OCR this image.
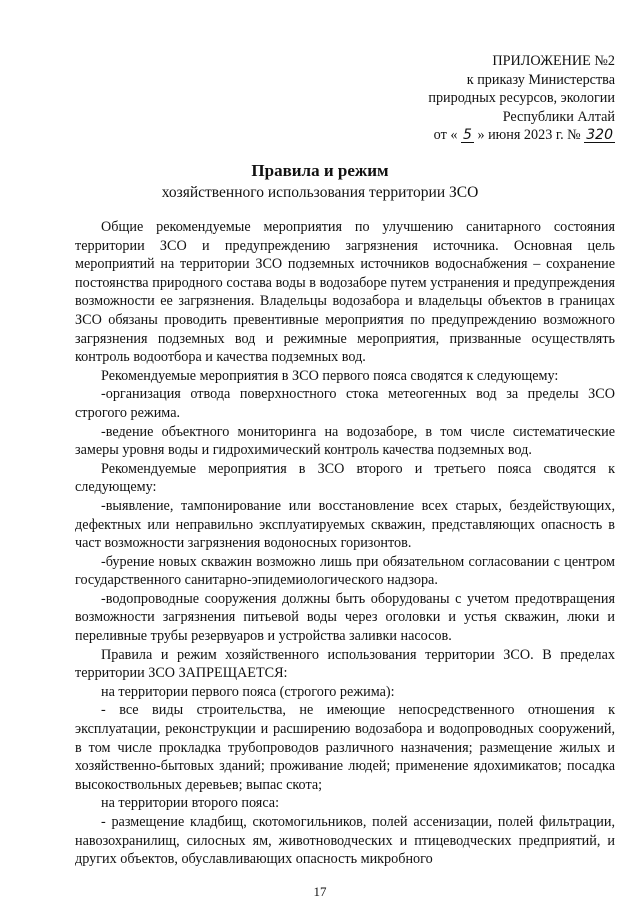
ПРИЛОЖЕНИЕ №2
к приказу Министерства
природных ресурсов, экологии
Республики Алтай
от « 5 » июня 2023 г. № 320
Правила и режим
хозяйственного использования территории ЗСО

Общие рекомендуемые мероприятия по улучшению санитарного состояния территории ЗСО и предупреждению загрязнения источника. Основная цель мероприятий на территории ЗСО подземных источников водоснабжения – сохранение постоянства природного состава воды в водозаборе путем устранения и предупреждения возможности ее загрязнения. Владельцы водозабора и владельцы объектов в границах ЗСО обязаны проводить превентивные мероприятия по предупреждению возможного загрязнения подземных вод и режимные мероприятия, призванные осуществлять контроль водоотбора и качества подземных вод.

Рекомендуемые мероприятия в ЗСО первого пояса сводятся к следующему:

-организация отвода поверхностного стока метеогенных вод за пределы ЗСО строгого режима.

-ведение объектного мониторинга на водозаборе, в том числе систематические замеры уровня воды и гидрохимический контроль качества подземных вод.

Рекомендуемые мероприятия в ЗСО второго и третьего пояса сводятся к следующему:

-выявление, тампонирование или восстановление всех старых, бездействующих, дефектных или неправильно эксплуатируемых скважин, представляющих опасность в част возможности загрязнения водоносных горизонтов.

-бурение новых скважин возможно лишь при обязательном согласовании с центром государственного санитарно-эпидемиологического надзора.

-водопроводные сооружения должны быть оборудованы с учетом предотвращения возможности загрязнения питьевой воды через оголовки и устья скважин, люки и переливные трубы резервуаров и устройства заливки насосов.

Правила и режим хозяйственного использования территории ЗСО. В пределах территории ЗСО ЗАПРЕЩАЕТСЯ:

на территории первого пояса (строгого режима):

- все виды строительства, не имеющие непосредственного отношения к эксплуатации, реконструкции и расширению водозабора и водопроводных сооружений, в том числе прокладка трубопроводов различного назначения; размещение жилых и хозяйственно-бытовых зданий; проживание людей; применение ядохимикатов; посадка высокоствольных деревьев; выпас скота;

на территории второго пояса:

- размещение кладбищ, скотомогильников, полей ассенизации, полей фильтрации, навозохранилищ, силосных ям, животноводческих и птицеводческих предприятий, и других объектов, обуславливающих опасность микробного

17
